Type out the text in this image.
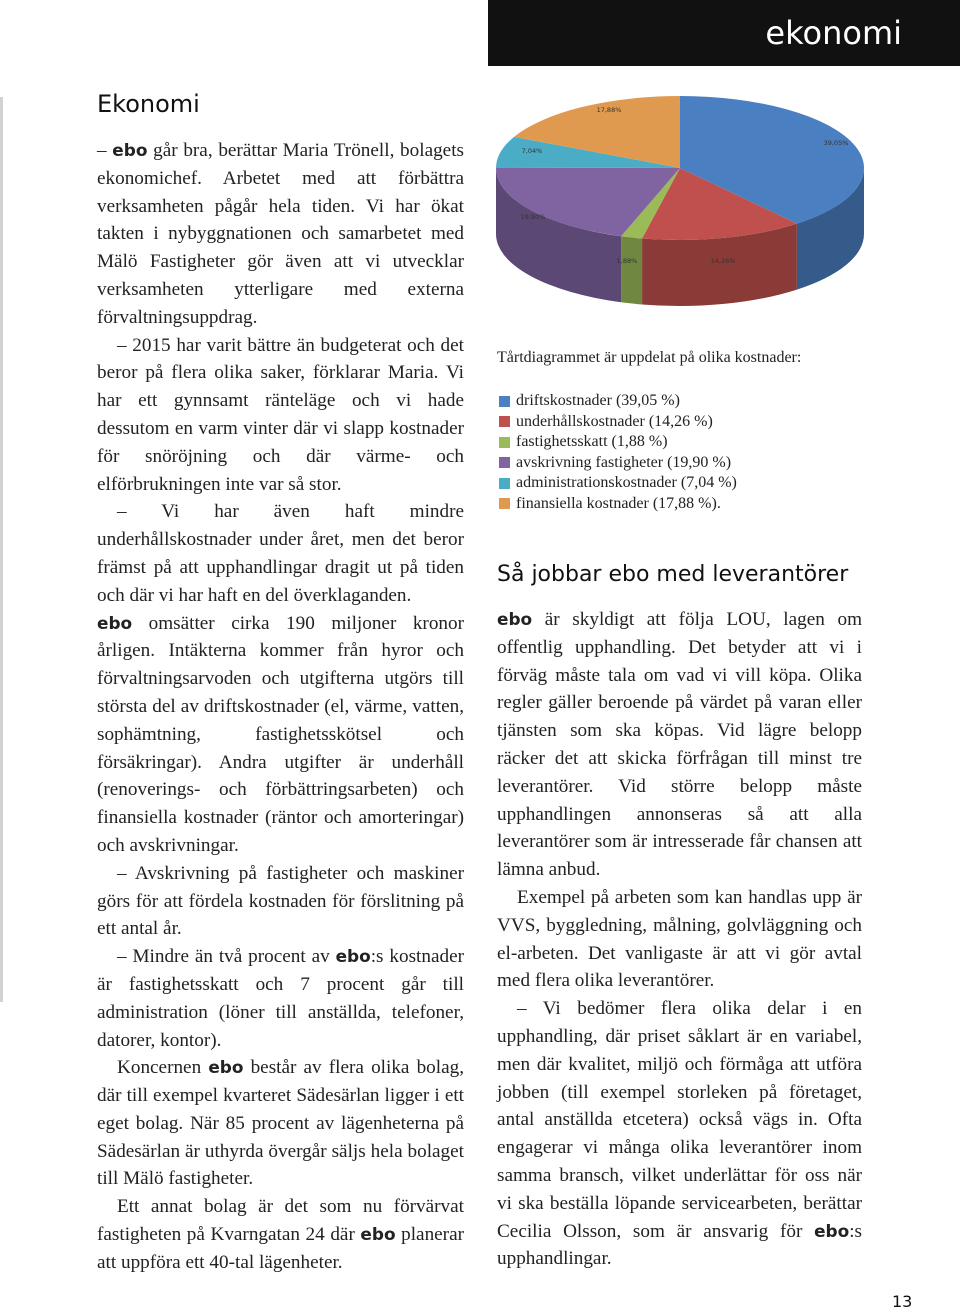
ekonomi
Ekonomi

– ebo går bra, berättar Maria Trönell, bolagets ekonomichef. Arbetet med att förbättra verksamheten pågår hela tiden. Vi har ökat takten i nybyggnationen och samarbetet med Mälö Fastigheter gör även att vi utvecklar verksamheten ytterligare med externa förvaltningsuppdrag.

– 2015 har varit bättre än budgeterat och det beror på flera olika saker, förklarar Maria. Vi har ett gynnsamt ränteläge och vi hade dessutom en varm vinter där vi slapp kostnader för snöröjning och där värme- och elförbrukningen inte var så stor.

– Vi har även haft mindre underhållskostnader under året, men det beror främst på att upphandlingar dragit ut på tiden och där vi har haft en del överklaganden.

ebo omsätter cirka 190 miljoner kronor årligen. Intäkterna kommer från hyror och förvaltningsarvoden och utgifterna utgörs till största del av driftskostnader (el, värme, vatten, sophämtning, fastighetsskötsel och försäkringar). Andra utgifter är underhåll (renoverings- och förbättringsarbeten) och finansiella kostnader (räntor och amorteringar) och avskrivningar.

– Avskrivning på fastigheter och maskiner görs för att fördela kostnaden för förslitning på ett antal år.

– Mindre än två procent av ebo:s kostnader är fastighetsskatt och 7 procent går till administration (löner till anställda, telefoner, datorer, kontor).

Koncernen ebo består av flera olika bolag, där till exempel kvarteret Sädesärlan ligger i ett eget bolag. När 85 procent av lägenheterna på Sädesärlan är uthyrda övergår säljs hela bolaget till Mälö fastigheter.

Ett annat bolag är det som nu förvärvat fastigheten på Kvarngatan 24 där ebo planerar att uppföra ett 40-tal lägenheter.

39,05%
14,26%
1,88%
19,90%
7,04%
17,88%
Tårtdiagrammet är uppdelat på olika kostnader:
driftskostnader (39,05 %)
underhållskostnader (14,26 %)
fastighetsskatt (1,88 %)
avskrivning fastigheter (19,90 %)
administrationskostnader (7,04 %)
finansiella kostnader (17,88 %).
Så jobbar ebo med leverantörer

ebo är skyldigt att följa LOU, lagen om offentlig upphandling. Det betyder att vi i förväg måste tala om vad vi vill köpa. Olika regler gäller beroende på värdet på varan eller tjänsten som ska köpas. Vid lägre belopp räcker det att skicka förfrågan till minst tre leverantörer. Vid större belopp måste upphandlingen annonseras så att alla leverantörer som är intresserade får chansen att lämna anbud.

Exempel på arbeten som kan handlas upp är VVS, byggledning, målning, golvläggning och el-arbeten. Det vanligaste är att vi gör avtal med flera olika leverantörer.

– Vi bedömer flera olika delar i en upphandling, där priset såklart är en variabel, men där kvalitet, miljö och förmåga att utföra jobben (till exempel storleken på företaget, antal anställda etcetera) också vägs in. Ofta engagerar vi många olika leverantörer inom samma bransch, vilket underlättar för oss när vi ska beställa löpande servicearbeten, berättar Cecilia Olsson, som är ansvarig för ebo:s upphandlingar.

13
